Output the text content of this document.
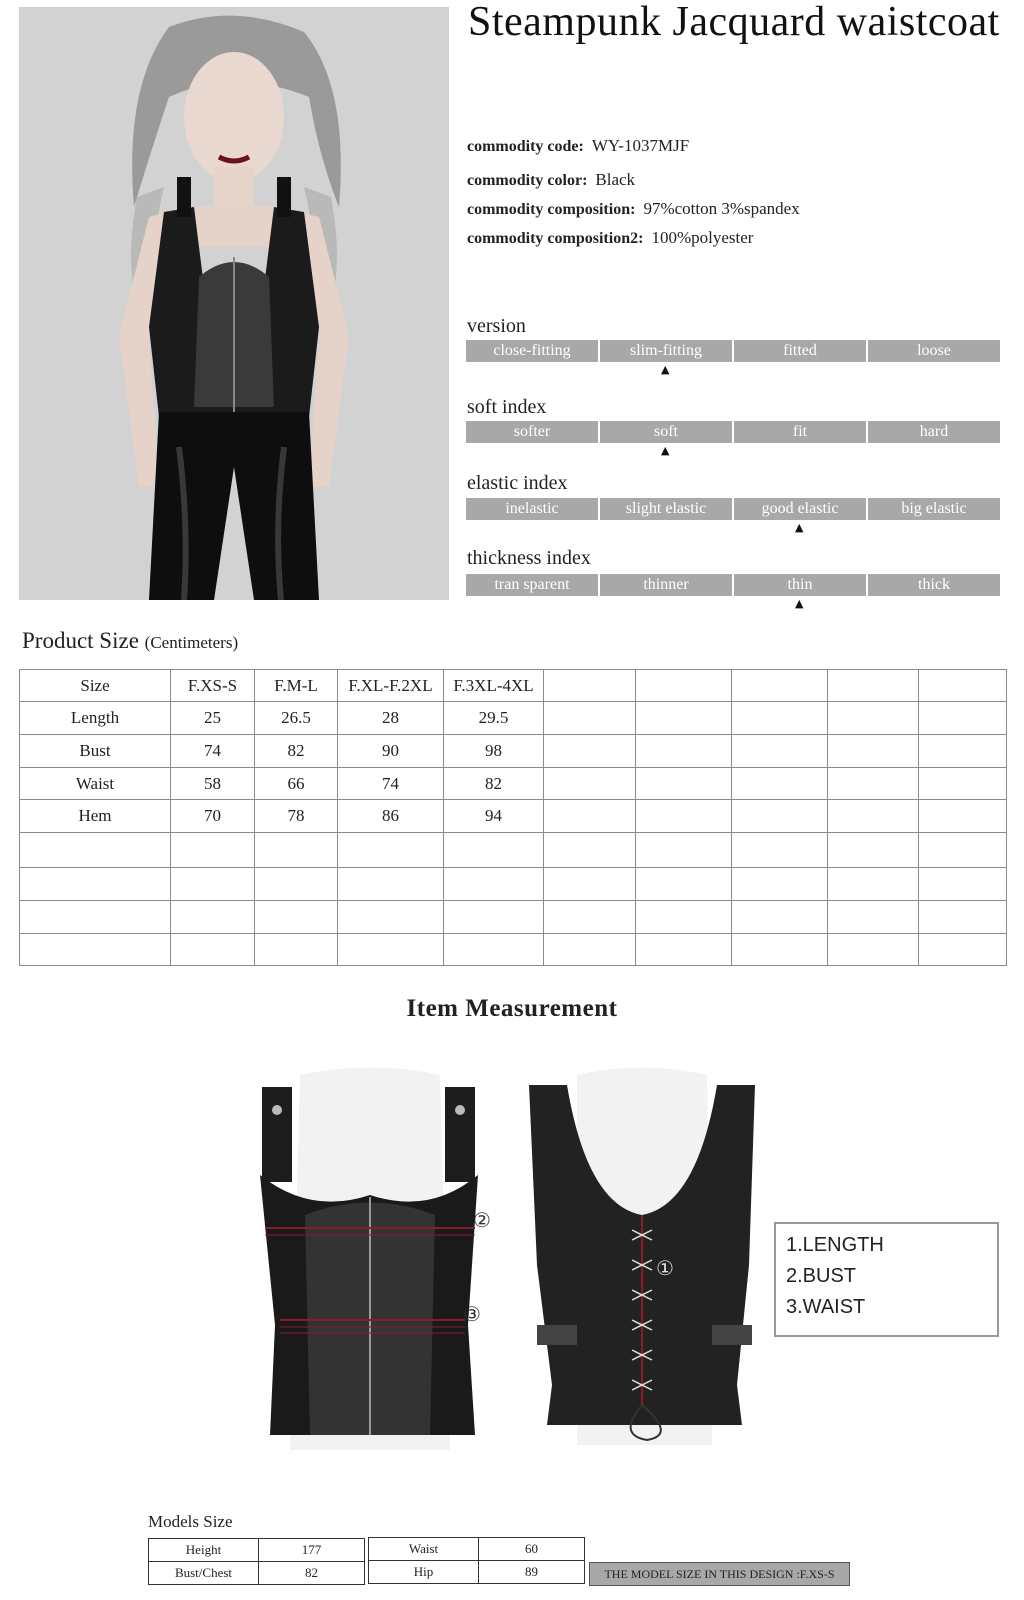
Steampunk Jacquard waistcoat
commodity code: WY-1037MJF
commodity color: Black
commodity composition: 97%cotton 3%spandex
commodity composition2: 100%polyester
version
close-fitting	slim-fitting	fitted	loose
▲
soft index
softer	soft	fit	hard
▲
elastic index
inelastic	slight elastic	good elastic	big elastic
▲
thickness index
tran sparent	thinner	thin	thick
▲
Product Size (Centimeters)
Size	F.XS-S	F.M-L	F.XL-F.2XL	F.3XL-4XL					
Length	25	26.5	28	29.5					
Bust	74	82	90	98					
Waist	58	66	74	82					
Hem	70	78	86	94					

Item Measurement
②
③
①
1.LENGTH
2.BUST
3.WAIST
Models Size
Height	177
Bust/Chest	82
Waist	60
Hip	89	THE MODEL SIZE IN THIS DESIGN :F.XS-S
